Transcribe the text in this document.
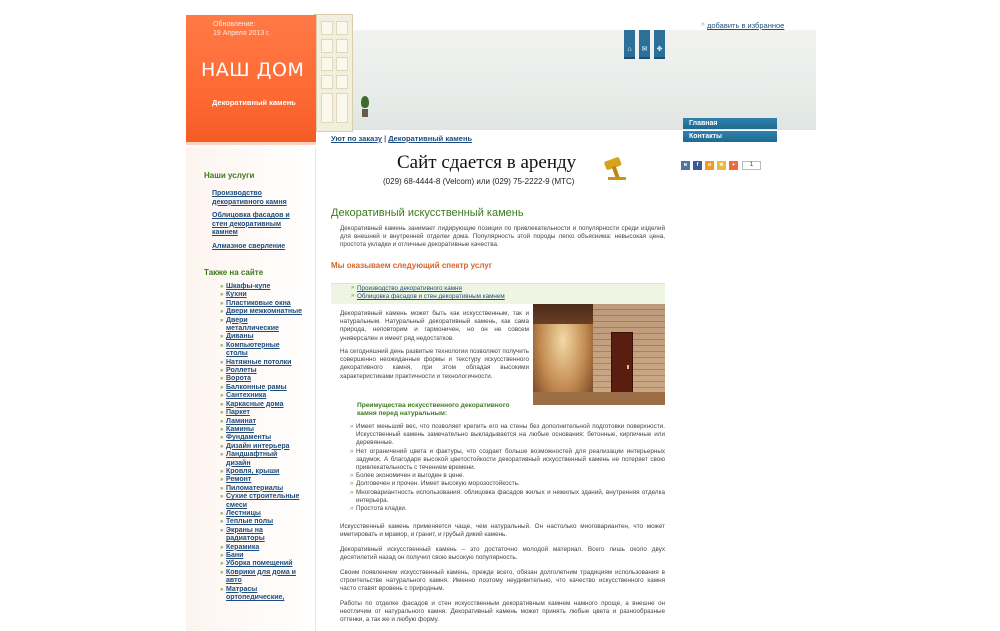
Обновление:
19 Апреля 2013 г.
НАШ ДОМ
Декоративный камень
⌂	✉	✥
» добавить в избранное
Главная
Контакты
Наши услуги
Производство декоративного камня
Облицовка фасадов и стен декоративным камнем
Алмазное сверление
Также на сайте
» Шкафы-купе
» Кухни
» Пластиковые окна
» Двери межкомнатные
» Двери металлические
» Диваны
» Компьютерные столы
» Натяжные потолки
» Роллеты
» Ворота
» Балконные рамы
» Сантехника
» Каркасные дома
» Паркет
» Ламинат
» Камины
» Фундаменты
» Дизайн интерьера
» Ландшафтный дизайн
» Кровля, крыши
» Ремонт
» Пиломатериалы
» Сухие строительные смеси
» Лестницы
» Теплые полы
» Экраны на радиаторы
» Керамика
» Бани
» Уборка помещений
» Коврики для дома и авто
» Матрасы ортопедические,
Уют по заказу | Декоративный камень
Сайт сдается в аренду
(029) 68-4444-8 (Velcom) или (029) 75-2222-9 (МТС)
в	f	о	★	+	1
Декоративный искусственный камень
Декоративный камень занимает лидирующие позиции по привлекательности и популярности среди изделий для внешней и внутренней отделки дома. Популярность этой породы легко объяснима: невысокая цена, простота укладки и отличные декоративные качества.
Мы оказываем следующий спектр услуг
» Производство декоративного камня
» Облицовка фасадов и стен декоративным камнем
Декоративный камень может быть как искусственным, так и натуральным. Натуральный декоративный камень, как сама природа, неповторим и гармоничен, но он не совсем универсален и имеет ряд недостатков.
На сегодняшний день развитые технологии позволяют получить совершенно неожиданные формы и текстуру искусственного декоративного камня, при этом обладая высокими характеристиками практичности и технологичности.
Преимущества искусственного декоративного камня перед натуральным:
» Имеет меньший вес, что позволяет крепить его на стены без дополнительной подготовки поверхности. Искусственный камень замечательно выкладывается на любые основания: бетонные, кирпичные или деревянные.
» Нет ограничений цвета и фактуры, что создает больше возможностей для реализации интерьерных задумок. А благодаря высокой цветостойкости декоративный искусственный камень не потеряет свою привлекательность с течением времени.
» Более экономичен и выгоден в цене.
» Долговечен и прочен. Имеет высокую морозостойкость.
» Многовариантность использования: облицовка фасадов жилых и нежилых зданий, внутренняя отделка интерьера.
» Простота кладки.
Искусственный камень применяется чаще, чем натуральный. Он настолько многовариантен, что может имитировать и мрамор, и гранит, и грубый дикий камень.
Декоративный искусственный камень – это достаточно молодой материал. Всего лишь около двух десятилетий назад он получил свою высокую популярность.
Своим появлением искусственный камень, прежде всего, обязан долголетним традициям использования в строительстве натурального камня. Именно поэтому неудивительно, что качество искусственного камня часто ставят вровень с природным.
Работы по отделке фасадов и стен искусственным декоративным камнем намного проще, а внешне он неотличим от натурального камня. Декоративный камень может принять любые цвета и разнообразные оттенки, а так же и любую форму.
